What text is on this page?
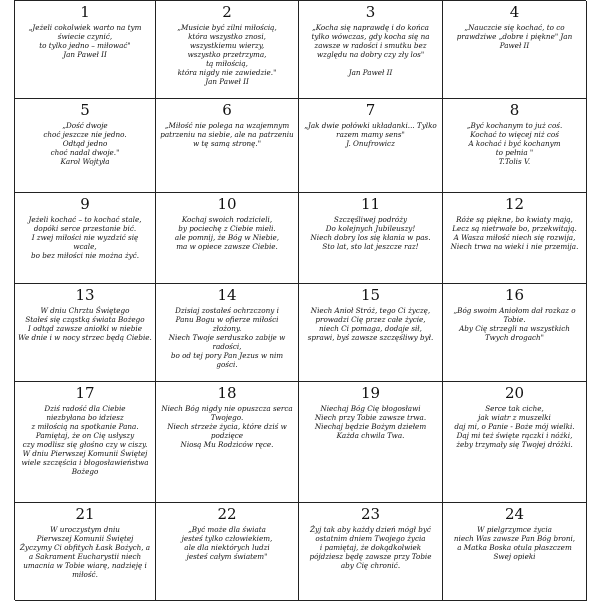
1
„Jeżeli cokolwiek warto na tym
świecie czynić,
to tylko jedno – miłować"
Jan Paweł II
2
„Musicie być zilni miłością,
która wszystko znosi,
wszystkiemu wierzy,
wszystko przetrzyma,
tą miłością,
która nigdy nie zawiedzie."
Jan Paweł II
3
„Kocha się naprawdę i do końca
tylko wówczas, gdy kocha się na
zawsze w radości i smutku bez
względu na dobry czy zły los"

Jan Paweł II
4
„Nauczcie się kochać, to co
prawdziwe „dobre i piękne" Jan
Paweł II
5
„Dość dwoje
choć jeszcze nie jedno.
Odtąd jedno
choć nadal dwoje."
Karol Wojtyła
6
„Miłość nie polega na wzajemnym
patrzeniu na siebie, ale na patrzeniu
w tę samą stronę."
7
„Jak dwie połówki układanki... Tylko
razem mamy sens"
J. Onufrowicz
8
„Być kochanym to już coś.
Kochać to więcej niż coś
A kochać i być kochanym
to pełnia "
T.Tolis V.
9
Jeżeli kochać – to kochać stale,
dopóki serce przestanie bić.
I zwej miłości nie wyzdzić się
wcale,
bo bez miłości nie można żyć.
10
Kochaj swoich rodzicieli,
by pociechę z Ciebie mieli.
ale pomnij, że Bóg w Niebie,
ma w opiece zawsze Ciebie.
11
Szczęśliwej podróży
Do kolejnych Jubileuszy!
Niech dobry los się kłania w pas.
Sto lat, sto lat jeszcze raz!
12
Róże są piękne, bo kwiaty mają,
Lecz są nietrwałe bo, przekwitają.
A Wasza miłość niech się rozwija,
Niech trwa na wieki i nie przemija.
13
W dniu Chrztu Świętego
Stałeś się cząstką świata Bożego
I odtąd zawsze aniołki w niebie
We dnie i w nocy strzec będą Ciebie.
14
Dzisiaj zostałeś ochrzczony i
Panu Bogu w ofierze miłości
złożony.
Niech Twoje serduszko zabije w
radości,
bo od tej pory Pan Jezus w nim
gości.
15
Niech Anioł Stróż, tego Ci życzę,
prowadzi Cię przez całe życie,
niech Ci pomaga, dodaje sił,
sprawi, byś zawsze szczęśliwy był.
16
„Bóg swoim Aniołom dał rozkaz o
Tobie.
Aby Cię strzegli na wszystkich
Twych drogach"
17
Dziś radość dla Ciebie
niezbyłana bo idziesz
z miłością na spotkanie Pana.
Pamiętaj, że on Cię usłyszy
czy modlisz się głośno czy w ciszy.
W dniu Pierwszej Komunii Świętej
wiele szczęścia i błogosławieństwa
Bożego
18
Niech Bóg nigdy nie opuszcza serca
Twojego.
Niech strzeże życia, które dziś w
podzięce
Niosą Mu Rodziców ręce.
19
Niechaj Bóg Cię błogosławi
Niech przy Tobie zawsze trwa.
Niechaj będzie Bożym dziełem
Każda chwila Twa.
20
Serce tak ciche,
jak wiatr z muszelki
daj mi, o Panie - Boże mój wielki.
Daj mi też święte rączki i nóżki,
żeby trzymały się Twojej dróżki.
21
W uroczystym dniu
Pierwszej Komunii Świętej
Życzymy Ci obfitych Łask Bożych, a
a Sakrament Eucharystii niech
umacnia w Tobie wiarę, nadzieję i
miłość.
22
„Być może dla świata
jesteś tylko człowiekiem,
ale dla niektórych ludzi
jesteś całym światem"
23
Żyj tak aby każdy dzień mógł być
ostatnim dniem Twojego życia
i pamiętaj, że dokądkolwiek
pójdziesz będę zawsze przy Tobie
aby Cię chronić.
24
W pielgrzymce życia
niech Was zawsze Pan Bóg broni,
a Matka Boska otula płaszczem
Swej opieki
